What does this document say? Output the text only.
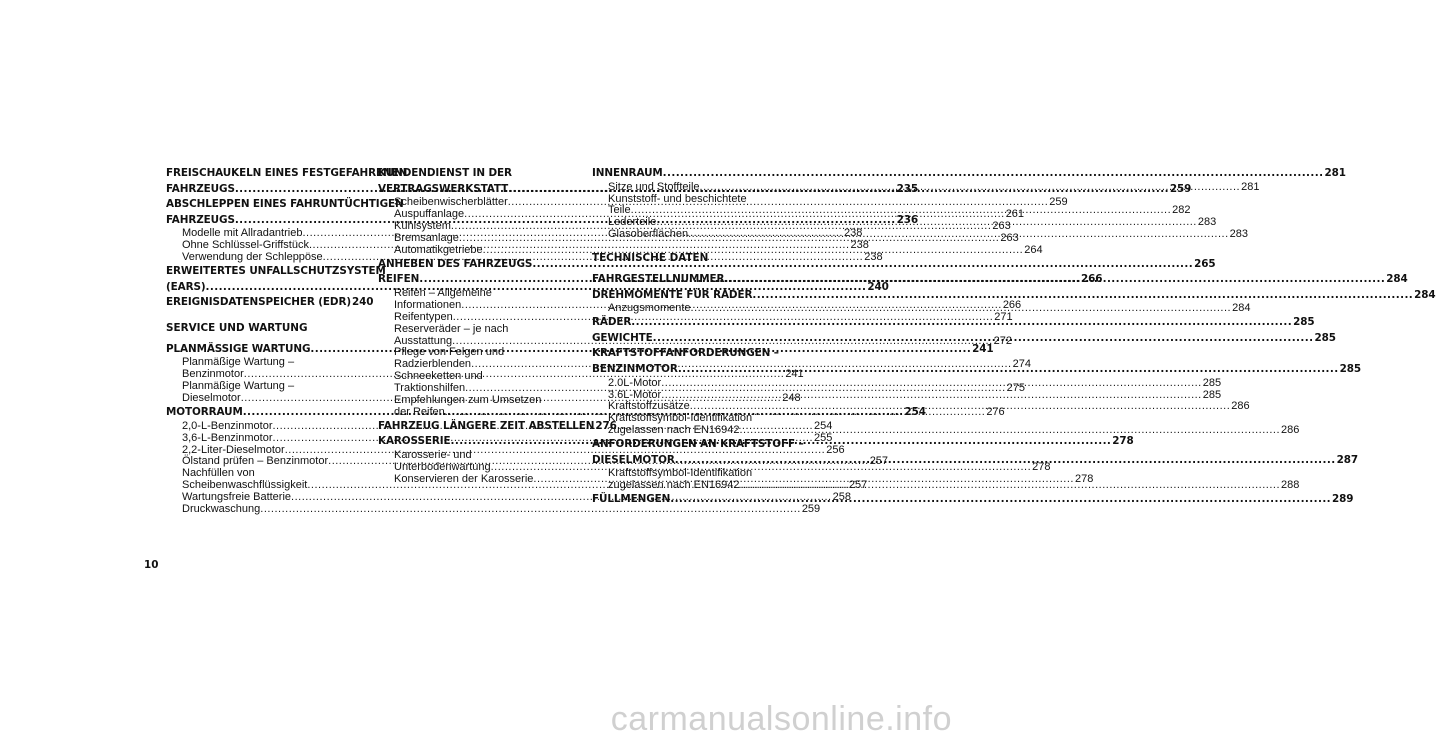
FREISCHAUKELN EINES FESTGEFAHRENEN
FAHRZEUGS .....	235
ABSCHLEPPEN EINES FAHRUNTÜCHTIGEN
FAHRZEUGS .....	236
Modelle mit Allradantrieb .....	238
Ohne Schlüssel-Griffstück .....	238
Verwendung der Schleppöse .....	238
ERWEITERTES UNFALLSCHUTZSYSTEM
(EARS) .....	240
EREIGNISDATENSPEICHER (EDR) 240
SERVICE UND WARTUNG
PLANMÄSSIGE WARTUNG .....	241
Planmäßige Wartung –
Benzinmotor .....	241
Planmäßige Wartung –
Dieselmotor .....	248
MOTORRAUM .....	254
2,0-L-Benzinmotor .....	254
3,6-L-Benzinmotor .....	255
2,2-Liter-Dieselmotor .....	256
Ölstand prüfen – Benzinmotor .....	257
Nachfüllen von
Scheibenwaschflüssigkeit .....	257
Wartungsfreie Batterie .....	258
Druckwaschung .....	259
KUNDENDIENST IN DER
VERTRAGSWERKSTATT .....	259
Scheibenwischerblätter .....	259
Auspuffanlage .....	261
Kühlsystem .....	263
Bremsanlage .....	263
Automatikgetriebe .....	264
ANHEBEN DES FAHRZEUGS .....	265
REIFEN .....	266
Reifen – Allgemeine
Informationen .....	266
Reifentypen .....	271
Reserveräder – je nach
Ausstattung .....	272
Pflege von Felgen und
Radzierblenden .....	274
Schneeketten und
Traktionshilfen .....	275
Empfehlungen zum Umsetzen
der Reifen .....	276
FAHRZEUG LÄNGERE ZEIT ABSTELLEN 276
KAROSSERIE .....	278
Karosserie- und
Unterbodenwartung .....	278
Konservieren der Karosserie .....	278
INNENRAUM .....	281
Sitze und Stoffteile .....	281
Kunststoff- und beschichtete
Teile .....	282
Lederteile .....	283
Glasoberflächen .....	283
TECHNISCHE DATEN
FAHRGESTELLNUMMER .....	284
DREHMOMENTE FÜR RÄDER .....	284
Anzugsmomente .....	284
RÄDER .....	285
GEWICHTE .....	285
KRAFTSTOFFANFORDERUNGEN –
BENZINMOTOR .....	285
2.0L-Motor .....	285
3.6L-Motor .....	285
Kraftstoffzusätze .....	286
Kraftstoffsymbol-Identifikation
zugelassen nach EN16942 .....	286
ANFORDERUNGEN AN KRAFTSTOFF –
DIESELMOTOR .....	287
Kraftstoffsymbol-Identifikation
zugelassen nach EN16942 .....	288
FÜLLMENGEN .....	289
10
carmanualsonline.info
